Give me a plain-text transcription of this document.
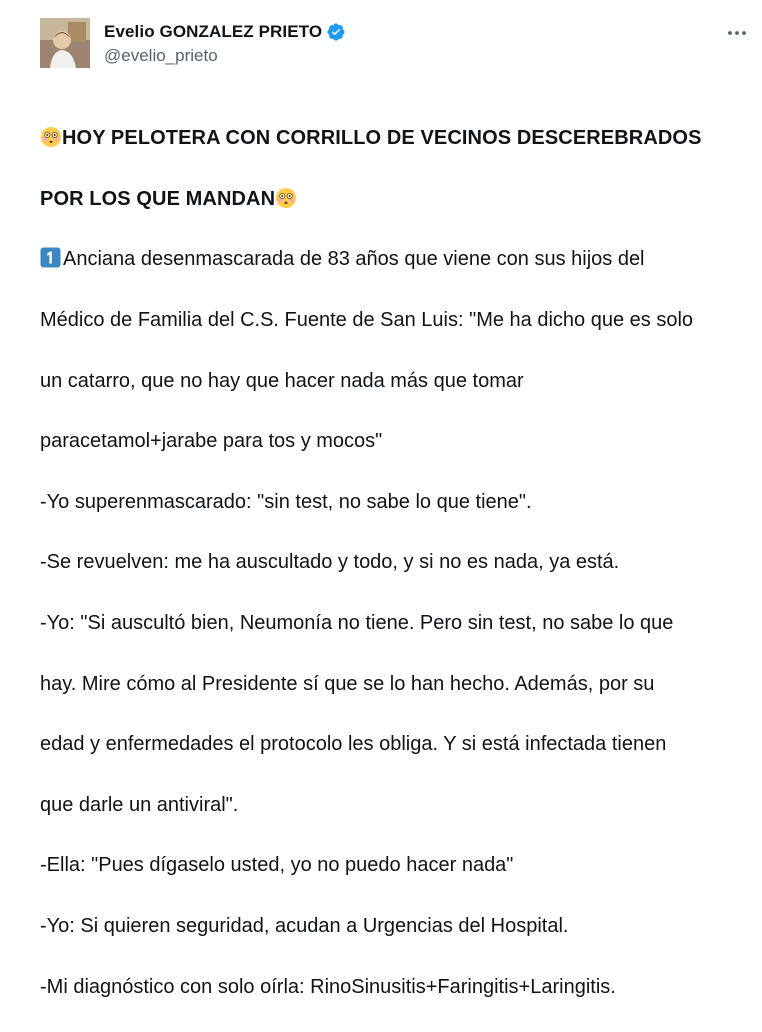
Evelio GONZALEZ PRIETO
@evelio_prieto

HOY PELOTERA CON CORRILLO DE VECINOS DESCEREBRADOS

POR LOS QUE MANDAN

Anciana desenmascarada de 83 años que viene con sus hijos del

Médico de Familia del C.S. Fuente de San Luis: "Me ha dicho que es solo

un catarro, que no hay que hacer nada más que tomar

paracetamol+jarabe para tos y mocos"

-Yo superenmascarado: "sin test, no sabe lo que tiene".

-Se revuelven: me ha auscultado y todo, y si no es nada, ya está.

-Yo: "Si auscultó bien, Neumonía no tiene. Pero sin test, no sabe lo que

hay. Mire cómo al Presidente sí que se lo han hecho. Además, por su

edad y enfermedades el protocolo les obliga. Y si está infectada tienen

que darle un antiviral".

-Ella: "Pues dígaselo usted, yo no puedo hacer nada"

-Yo: Si quieren seguridad, acudan a Urgencias del Hospital.

-Mi diagnóstico con solo oírla: RinoSinusitis+Faringitis+Laringitis.
